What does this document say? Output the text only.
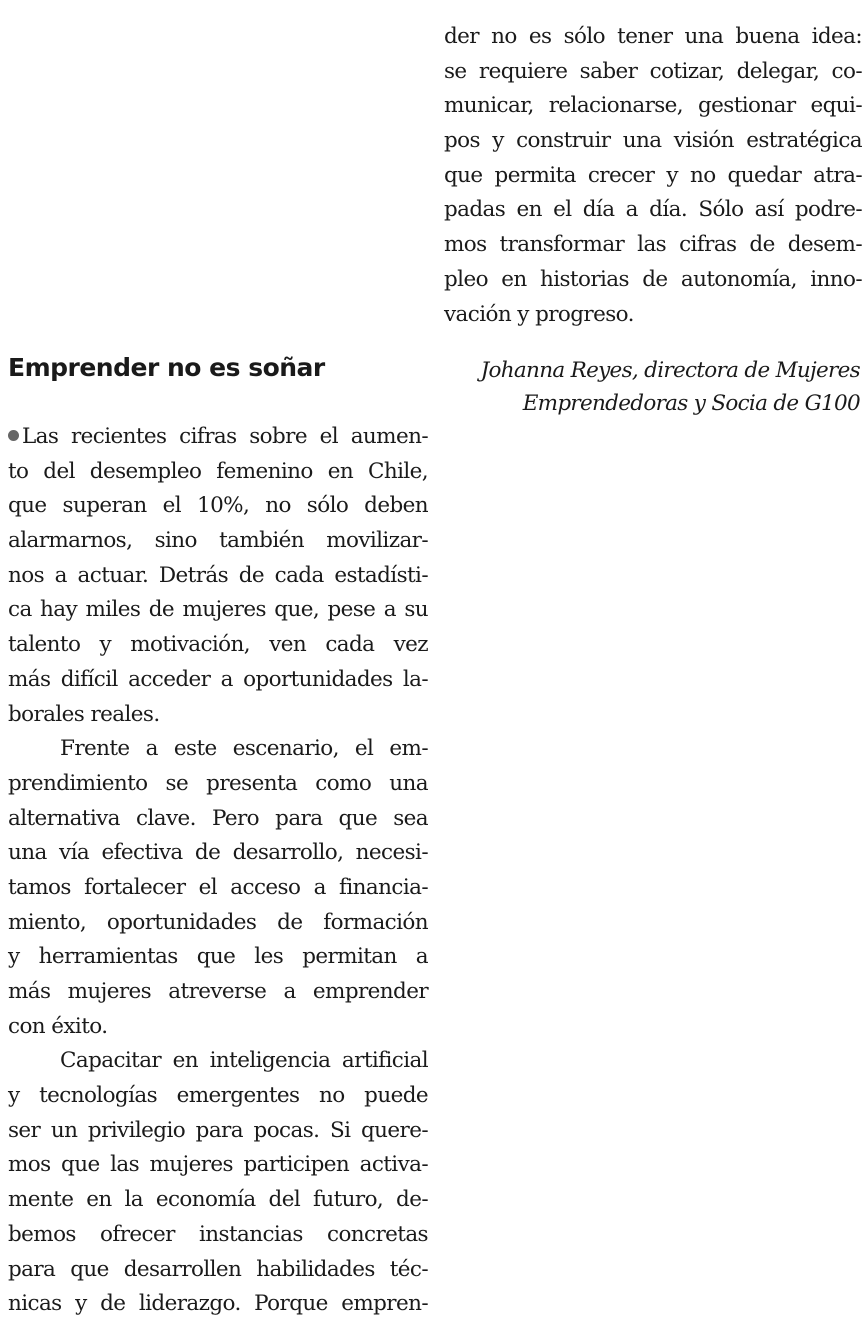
der no es sólo tener una buena idea:
se requiere saber cotizar, delegar, co-
municar, relacionarse, gestionar equi-
pos y construir una visión estratégica
que permita crecer y no quedar atra-
padas en el día a día. Sólo así podre-
mos transformar las cifras de desem-
pleo en historias de autonomía, inno-
vación y progreso.
Johanna Reyes, directora de Mujeres
Emprendedoras y Socia de G100
Emprender no es soñar
Las recientes cifras sobre el aumen-
to del desempleo femenino en Chile,
que superan el 10%, no sólo deben
alarmarnos, sino también movilizar-
nos a actuar. Detrás de cada estadísti-
ca hay miles de mujeres que, pese a su
talento y motivación, ven cada vez
más difícil acceder a oportunidades la-
borales reales.
Frente a este escenario, el em-
prendimiento se presenta como una
alternativa clave. Pero para que sea
una vía efectiva de desarrollo, necesi-
tamos fortalecer el acceso a financia-
miento, oportunidades de formación
y herramientas que les permitan a
más mujeres atreverse a emprender
con éxito.
Capacitar en inteligencia artificial
y tecnologías emergentes no puede
ser un privilegio para pocas. Si quere-
mos que las mujeres participen activa-
mente en la economía del futuro, de-
bemos ofrecer instancias concretas
para que desarrollen habilidades téc-
nicas y de liderazgo. Porque empren-
